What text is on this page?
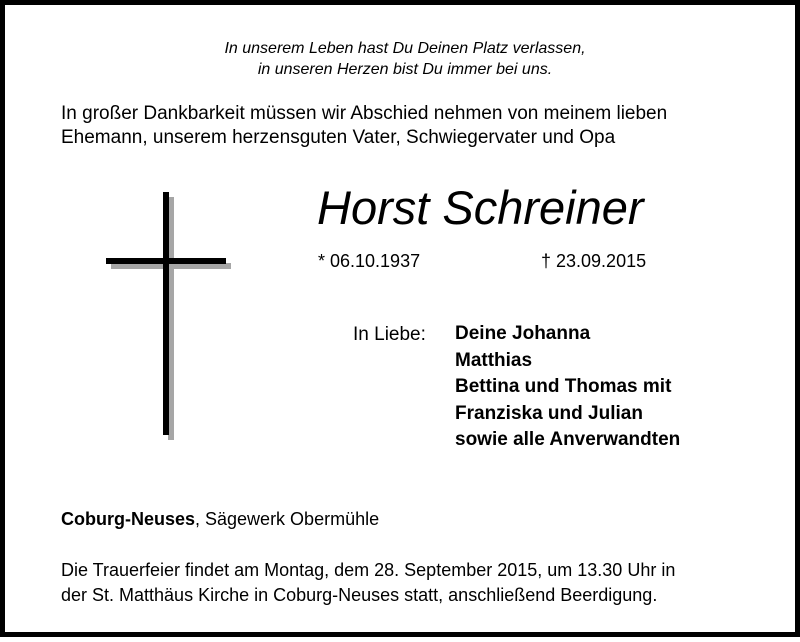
In unserem Leben hast Du Deinen Platz verlassen,
in unseren Herzen bist Du immer bei uns.
In großer Dankbarkeit müssen wir Abschied nehmen von meinem lieben
Ehemann, unserem herzensguten Vater, Schwiegervater und Opa
Horst Schreiner
* 06.10.1937	† 23.09.2015
In Liebe: Deine Johanna
Matthias
Bettina und Thomas mit
Franziska und Julian
sowie alle Anverwandten
Coburg-Neuses, Sägewerk Obermühle
Die Trauerfeier findet am Montag, dem 28. September 2015, um 13.30 Uhr in
der St. Matthäus Kirche in Coburg-Neuses statt, anschließend Beerdigung.
